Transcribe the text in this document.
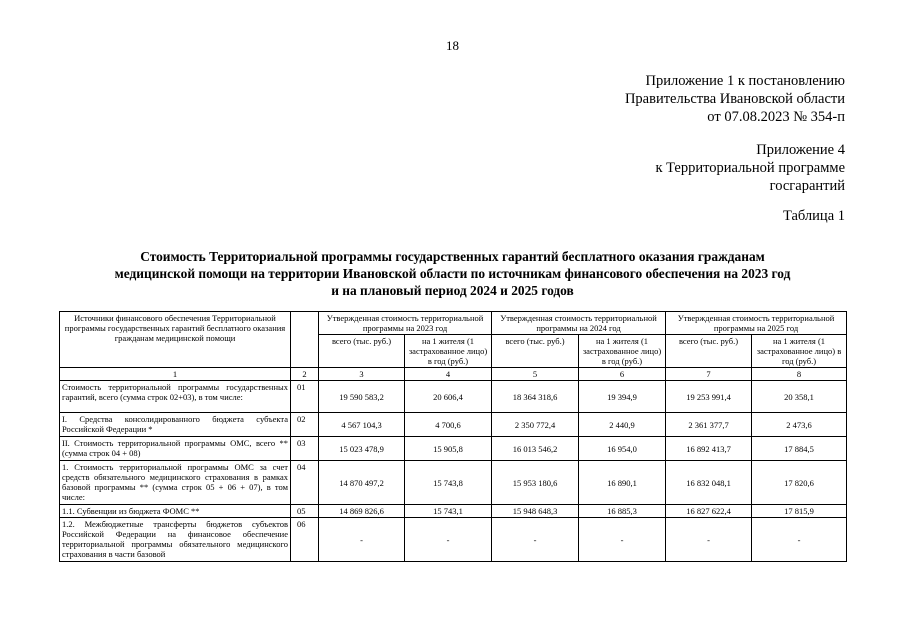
18
Приложение 1 к постановлению
Правительства Ивановской области
от 07.08.2023 № 354-п
Приложение 4
к Территориальной программе
госгарантий
Таблица 1
Стоимость Территориальной программы государственных гарантий бесплатного оказания гражданам
медицинской помощи на территории Ивановской области по источникам финансового обеспечения на 2023 год
и на плановый период 2024 и 2025 годов
Источники финансового обеспечения Территориальной программы государственных гарантий бесплатного оказания гражданам медицинской помощи		Утвержденная стоимость территориальной программы на 2023 год		Утвержденная стоимость территориальной программы на 2024 год		Утвержденная стоимость территориальной программы на 2025 год	
		всего (тыс. руб.)	на 1 жителя (1 застрахованное лицо) в год (руб.)	всего (тыс. руб.)	на 1 жителя (1 застрахованное лицо) в год (руб.)	всего (тыс. руб.)	на 1 жителя (1 застрахованное лицо) в год (руб.)
1	2	3	4	5	6	7	8
Стоимость территориальной программы государственных гарантий, всего (сумма строк 02+03), в том числе:	01	19 590 583,2	20 606,4	18 364 318,6	19 394,9	19 253 991,4	20 358,1
I. Средства консолидированного бюджета субъекта Российской Федерации *	02	4 567 104,3	4 700,6	2 350 772,4	2 440,9	2 361 377,7	2 473,6
II. Стоимость территориальной программы ОМС, всего ** (сумма строк 04 + 08)	03	15 023 478,9	15 905,8	16 013 546,2	16 954,0	16 892 413,7	17 884,5
1. Стоимость территориальной программы ОМС за счет средств обязательного медицинского страхования в рамках базовой программы ** (сумма строк 05 + 06 + 07), в том числе:	04	14 870 497,2	15 743,8	15 953 180,6	16 890,1	16 832 048,1	17 820,6
1.1. Субвенции из бюджета ФОМС **	05	14 869 826,6	15 743,1	15 948 648,3	16 885,3	16 827 622,4	17 815,9
1.2. Межбюджетные трансферты бюджетов субъектов Российской Федерации на финансовое обеспечение территориальной программы обязательного медицинского страхования в части базовой	06	-	-	-	-	-	-
